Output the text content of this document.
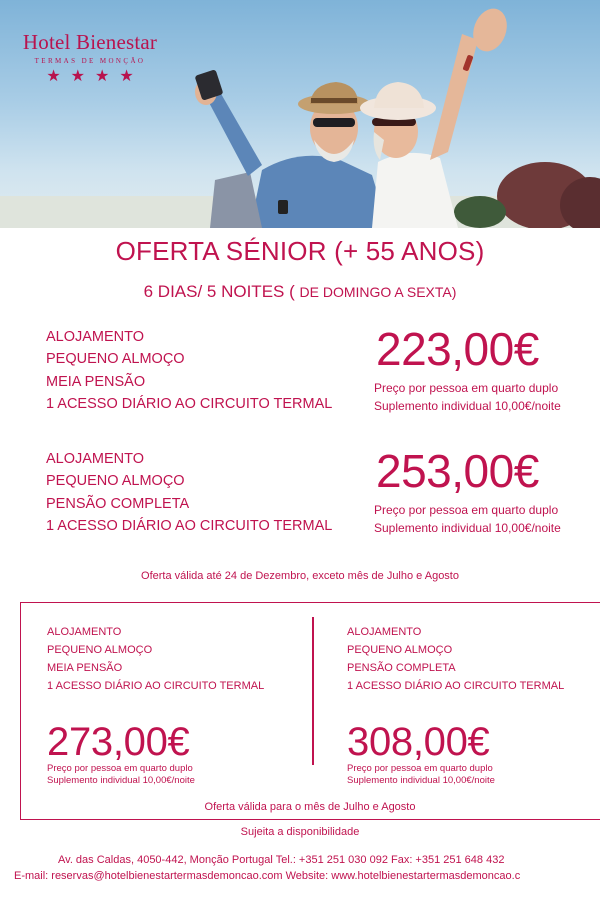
Hotel Bienestar
TERMAS DE MONÇÃO
★ ★ ★ ★
OFERTA SÉNIOR (+ 55 ANOS)
6 DIAS/ 5 NOITES ( DE DOMINGO A SEXTA)
ALOJAMENTO
PEQUENO ALMOÇO
MEIA PENSÃO
1 ACESSO DIÁRIO AO CIRCUITO TERMAL
223,00€
Preço por pessoa em quarto duplo
Suplemento individual 10,00€/noite
ALOJAMENTO
PEQUENO ALMOÇO
PENSÃO COMPLETA
1 ACESSO DIÁRIO AO CIRCUITO TERMAL
253,00€
Preço por pessoa em quarto duplo
Suplemento individual 10,00€/noite
Oferta válida até 24 de Dezembro, exceto mês de Julho e Agosto
ALOJAMENTO
PEQUENO ALMOÇO
MEIA PENSÃO
1 ACESSO DIÁRIO AO CIRCUITO TERMAL
273,00€
Preço por pessoa em quarto duplo
Suplemento individual 10,00€/noite
ALOJAMENTO
PEQUENO ALMOÇO
PENSÃO COMPLETA
1 ACESSO DIÁRIO AO CIRCUITO TERMAL
308,00€
Preço por pessoa em quarto duplo
Suplemento individual 10,00€/noite
Oferta válida para o mês de Julho e Agosto
Sujeita a disponibilidade
Av. das Caldas, 4050-442, Monção Portugal Tel.: +351 251 030 092 Fax: +351 251 648 432
E-mail: reservas@hotelbienestartermasdemoncao.com Website: www.hotelbienestartermasdemoncao.c
